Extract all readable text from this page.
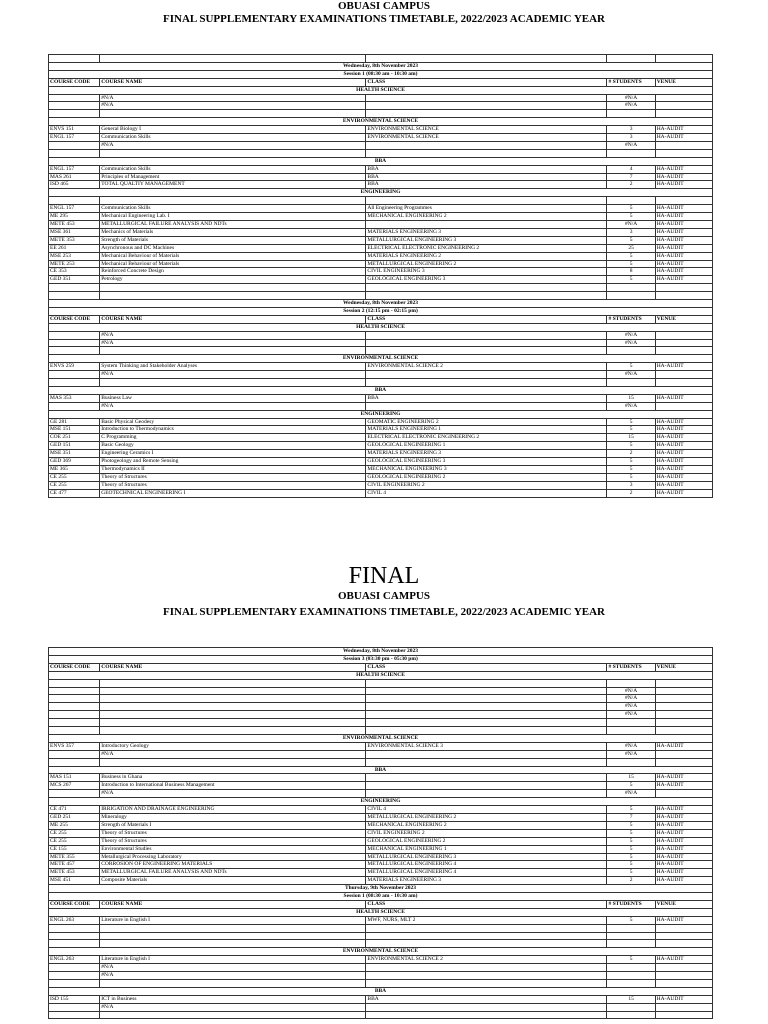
OBUASI CAMPUS
FINAL SUPPLEMENTARY EXAMINATIONS TIMETABLE, 2022/2023 ACADEMIC YEAR

Wednesday, 8th November 2023				
Session 1 (08:30 am - 10:30 am)				
COURSE CODE	COURSE NAME	CLASS	# STUDENTS	VENUE
HEALTH SCIENCE				
	#N/A		#N/A	
	#N/A		#N/A	

ENVIRONMENTAL SCIENCE				
ENVS 151	General Biology I	ENVIRONMENTAL SCIENCE	3	HA-AUDIT
ENGL 157	Communication Skills	ENVIRONMENTAL SCIENCE	3	HA-AUDIT
	#N/A		#N/A	

BBA				
ENGL 157	Communication Skills	BBA	4	HA-AUDIT
MAS 261	Principles of Management	BBA	7	HA-AUDIT
ISD 465	TOTAL QUALTIY MANAGEMENT	BBA	2	HA-AUDIT
ENGINEERING				

ENGL 157	Communication Skills	All Engineering Programmes	5	HA-AUDIT
ME 295	Mechanical Engineering Lab. I	MECHANICAL ENGINEERING 2	5	HA-AUDIT
METE 453	METALLURGICAL FAILURE ANALYSIS AND NDTs		#N/A	HA-AUDIT
MSE 361	Mechanics of Materials	MATERIALS ENGINEERING 3	3	HA-AUDIT
METE 353	Strength of Materials	METALLURGICAL ENGINEERING 3	5	HA-AUDIT
EE 261	Asynchronous and DC Machines	ELECTRICAL ELECTRONIC ENGINEERING 2	25	HA-AUDIT
MSE 253	Mechanical Behaviour of Materials	MATERIALS ENGINEERING 2	5	HA-AUDIT
METE 253	Mechanical Behaviour of Materials	METALLURGICAL ENGINEERING 2	5	HA-AUDIT
CE 353	Reinforced Concrete Design	CIVIL ENGINEERING 3	8	HA-AUDIT
GED 351	Petrology	GEOLOGICAL ENGINEERING 3	5	HA-AUDIT

Wednesday, 8th November 2023				
Session 2 (12:15 pm - 02:15 pm)				
COURSE CODE	COURSE NAME	CLASS	# STUDENTS	VENUE
HEALTH SCIENCE				
	#N/A		#N/A	
	#N/A		#N/A	

ENVIRONMENTAL SCIENCE				
ENVS 259	System Thinking and Stakeholder Analyses	ENVIRONMENTAL SCIENCE 2	5	HA-AUDIT
	#N/A		#N/A	

BBA				
MAS 353	Business Law	BBA	15	HA-AUDIT
	#N/A		#N/A	
ENGINEERING				
GE 281	Basic Physical Geodesy	GEOMATIC ENGINEERING 2	5	HA-AUDIT
MSE 151	Introduction to Thermodynamics	MATERIALS ENGINEERING 1	5	HA-AUDIT
COE 251	C Programming	ELECTRICAL ELECTRONIC ENGINEERING 2	15	HA-AUDIT
GED 151	Basic Geology	GEOLOGICAL ENGINEERING 1	5	HA-AUDIT
MSE 351	Engineering Ceramics I	MATERIALS ENGINEERING 3	2	HA-AUDIT
GED 369	Photogeology and Remote Sensing	GEOLOGICAL ENGINEERING 3	5	HA-AUDIT
ME 365	Thermodynamics II	MECHANICAL ENGINEERING 3	5	HA-AUDIT
CE 255	Theory of Structures	GEOLOGICAL ENGINEERING 2	5	HA-AUDIT
CE 255	Theory of Structures	CIVIL ENGINEERING 2	3	HA-AUDIT
CE 477	GEOTECHNICAL ENGINEERING I	CIVIL 4	2	HA-AUDIT
FINAL
OBUASI CAMPUS
FINAL SUPPLEMENTARY EXAMINATIONS TIMETABLE, 2022/2023 ACADEMIC YEAR
Wednesday, 8th November 2023				
Session 3 (03:30 pm - 05:30 pm)				
COURSE CODE	COURSE NAME	CLASS	# STUDENTS	VENUE
HEALTH SCIENCE				

			#N/A	
			#N/A	
			#N/A	
			#N/A	

ENVIRONMENTAL SCIENCE				
ENVS 357	Introductory Geology	ENVIRONMENTAL SCIENCE 3	#N/A	HA-AUDIT
	#N/A		#N/A	

BBA				
MAS 151	Business in Ghana		15	HA-AUDIT
MCS 267	Introduction to International Business Management		5	HA-AUDIT
	#N/A		#N/A	
ENGINEERING				
CE 471	IRRIGATION AND DRAINAGE ENGINEERING	CIVIL 4	5	HA-AUDIT
GED 251	Mineralogy	METALLURGICAL ENGINEERING 2	7	HA-AUDIT
ME 255	Strength of Materials I	MECHANICAL ENGINEERING 2	5	HA-AUDIT
CE 255	Theory of Structures	CIVIL ENGINEERING 2	5	HA-AUDIT
CE 255	Theory of Structures	GEOLOGICAL ENGINEERING 2	5	HA-AUDIT
CE 155	Environmental Studies	MECHANICAL ENGINEERING 1	5	HA-AUDIT
METE 355	Metallurgical Processing Laboratory	METALLURGICAL ENGINEERING 3	5	HA-AUDIT
METE 457	CORROSION OF ENGINEERING MATERIALS	METALLURGICAL ENGINEERING 4	5	HA-AUDIT
METE 453	METALLURGICAL FAILURE ANALYSIS AND NDTs	METALLURGICAL ENGINEERING 4	5	HA-AUDIT
MSE 451	Composite Materials	MATERIALS ENGINEERING 3	2	HA-AUDIT
Thursday, 9th November 2023				
Session 1 (08:30 am - 10:30 am)				
COURSE CODE	COURSE NAME	CLASS	# STUDENTS	VENUE
HEALTH SCIENCE				
ENGL 263	Literature in English I	MWF, NURS, MLT 2	5	HA-AUDIT

ENVIRONMENTAL SCIENCE				
ENGL 263	Literature in English I	ENVIRONMENTAL SCIENCE 2	5	HA-AUDIT
	#N/A			
	#N/A			

BBA				
ISD 155	ICT in Business	BBA	15	HA-AUDIT
	#N/A			
